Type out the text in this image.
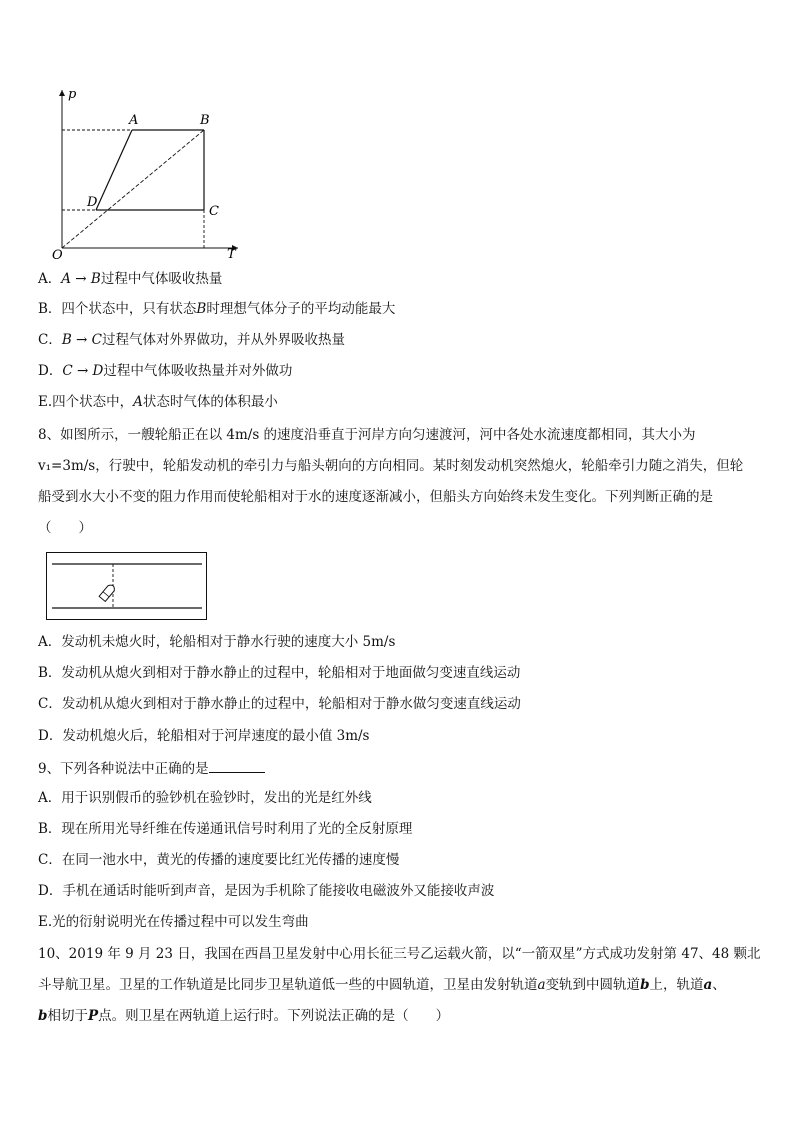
p
T
O
A	B
C
D
A．A → B过程中气体吸收热量
B．四个状态中，只有状态B时理想气体分子的平均动能最大
C．B → C过程气体对外界做功，并从外界吸收热量
D．C → D过程中气体吸收热量并对外做功
E.四个状态中，A状态时气体的体积最小
8、如图所示，一艘轮船正在以 4m/s 的速度沿垂直于河岸方向匀速渡河，河中各处水流速度都相同，其大小为
v₁=3m/s，行驶中，轮船发动机的牵引力与船头朝向的方向相同。某时刻发动机突然熄火，轮船牵引力随之消失，但轮
船受到水大小不变的阻力作用而使轮船相对于水的速度逐渐减小，但船头方向始终未发生变化。下列判断正确的是
（　　）
A．发动机未熄火时，轮船相对于静水行驶的速度大小 5m/s
B．发动机从熄火到相对于静水静止的过程中，轮船相对于地面做匀变速直线运动
C．发动机从熄火到相对于静水静止的过程中，轮船相对于静水做匀变速直线运动
D．发动机熄火后，轮船相对于河岸速度的最小值 3m/s
9、下列各种说法中正确的是
A．用于识别假币的验钞机在验钞时，发出的光是红外线
B．现在所用光导纤维在传递通讯信号时利用了光的全反射原理
C．在同一池水中，黄光的传播的速度要比红光传播的速度慢
D．手机在通话时能听到声音，是因为手机除了能接收电磁波外又能接收声波
E.光的衍射说明光在传播过程中可以发生弯曲
10、2019 年 9 月 23 日，我国在西昌卫星发射中心用长征三号乙运载火箭，以“一箭双星”方式成功发射第 47、48 颗北
斗导航卫星。卫星的工作轨道是比同步卫星轨道低一些的中圆轨道，卫星由发射轨道a变轨到中圆轨道b上，轨道a、
b相切于P点。则卫星在两轨道上运行时。下列说法正确的是（　　）
